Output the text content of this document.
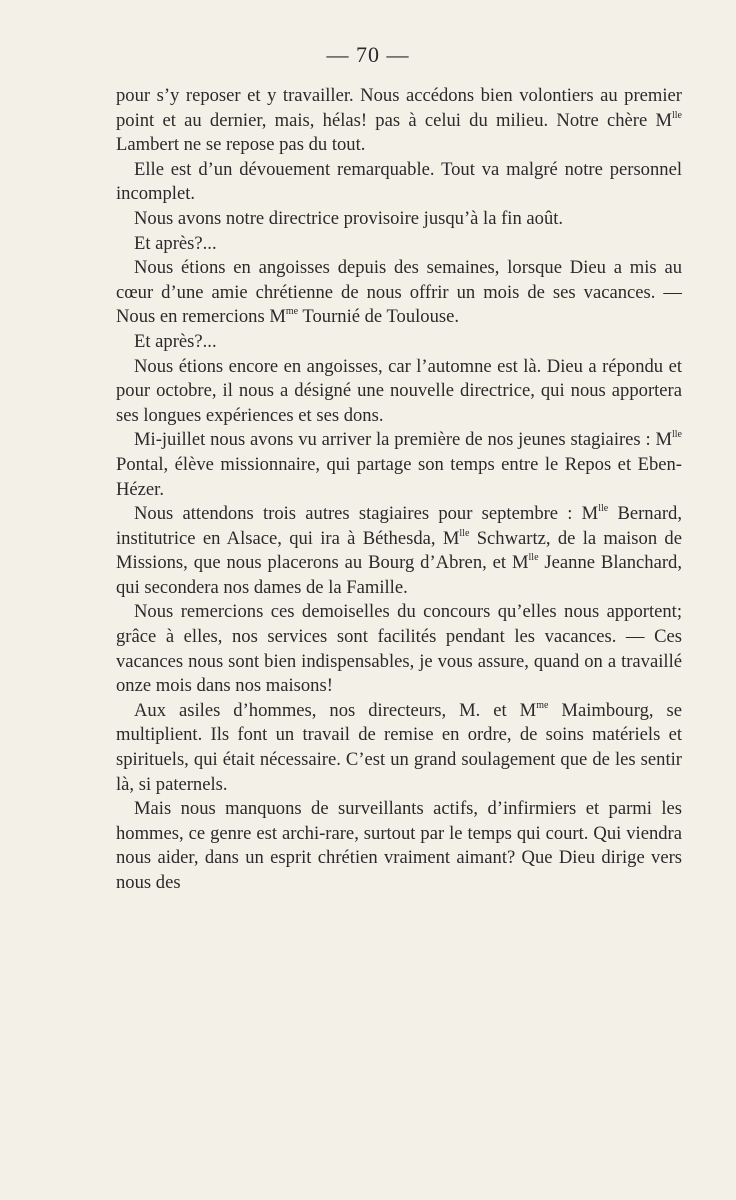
— 70 —

pour s’y reposer et y travailler. Nous accédons bien volontiers au premier point et au dernier, mais, hélas! pas à celui du milieu. Notre chère $M^{lle}$ Lambert ne se repose pas du tout.

Elle est d’un dévouement remarquable. Tout va malgré notre personnel incomplet.

Nous avons notre directrice provisoire jusqu’à la fin août.

Et après?...

Nous étions en angoisses depuis des semaines, lorsque Dieu a mis au cœur d’une amie chrétienne de nous offrir un mois de ses vacances. — Nous en remercions $M^{me}$ Tournié de Toulouse.

Et après?...

Nous étions encore en angoisses, car l’automne est là. Dieu a répondu et pour octobre, il nous a désigné une nouvelle directrice, qui nous apportera ses longues expériences et ses dons.

Mi-juillet nous avons vu arriver la première de nos jeunes stagiaires : $M^{lle}$ Pontal, élève missionnaire, qui partage son temps entre le Repos et Eben-Hézer.

Nous attendons trois autres stagiaires pour septembre : $M^{lle}$ Bernard, institutrice en Alsace, qui ira à Béthesda, $M^{lle}$ Schwartz, de la maison de Missions, que nous placerons au Bourg d’Abren, et $M^{lle}$ Jeanne Blanchard, qui secondera nos dames de la Famille.

Nous remercions ces demoiselles du concours qu’elles nous apportent; grâce à elles, nos services sont facilités pendant les vacances. — Ces vacances nous sont bien indispensables, je vous assure, quand on a travaillé onze mois dans nos maisons!

Aux asiles d’hommes, nos directeurs, M. et $M^{me}$ Maimbourg, se multiplient. Ils font un travail de remise en ordre, de soins matériels et spirituels, qui était nécessaire. C’est un grand soulagement que de les sentir là, si paternels.

Mais nous manquons de surveillants actifs, d’infirmiers et parmi les hommes, ce genre est archi-rare, surtout par le temps qui court. Qui viendra nous aider, dans un esprit chrétien vraiment aimant? Que Dieu dirige vers nous des
